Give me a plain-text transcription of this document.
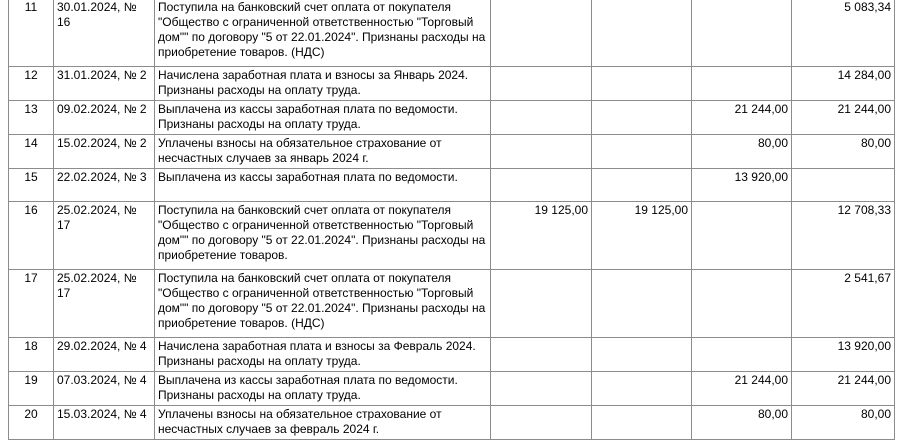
11	30.01.2024, № 16	Поступила на банковский счет оплата от покупателя "Общество с ограниченной ответственностью "Торговый дом"" по договору "5 от 22.01.2024". Признаны расходы на приобретение товаров. (НДС)				5 083,34
12	31.01.2024, № 2	Начислена заработная плата и взносы за Январь 2024. Признаны расходы на оплату труда.				14 284,00
13	09.02.2024, № 2	Выплачена из кассы заработная плата по ведомости. Признаны расходы на оплату труда.			21 244,00	21 244,00
14	15.02.2024, № 2	Уплачены взносы на обязательное страхование от несчастных случаев за январь 2024 г.			80,00	80,00
15	22.02.2024, № 3	Выплачена из кассы заработная плата по ведомости.			13 920,00	
16	25.02.2024, № 17	Поступила на банковский счет оплата от покупателя "Общество с ограниченной ответственностью "Торговый дом"" по договору "5 от 22.01.2024". Признаны расходы на приобретение товаров.	19 125,00	19 125,00		12 708,33
17	25.02.2024, № 17	Поступила на банковский счет оплата от покупателя "Общество с ограниченной ответственностью "Торговый дом"" по договору "5 от 22.01.2024". Признаны расходы на приобретение товаров. (НДС)				2 541,67
18	29.02.2024, № 4	Начислена заработная плата и взносы за Февраль 2024. Признаны расходы на оплату труда.				13 920,00
19	07.03.2024, № 4	Выплачена из кассы заработная плата по ведомости. Признаны расходы на оплату труда.			21 244,00	21 244,00
20	15.03.2024, № 4	Уплачены взносы на обязательное страхование от несчастных случаев за февраль 2024 г.			80,00	80,00
